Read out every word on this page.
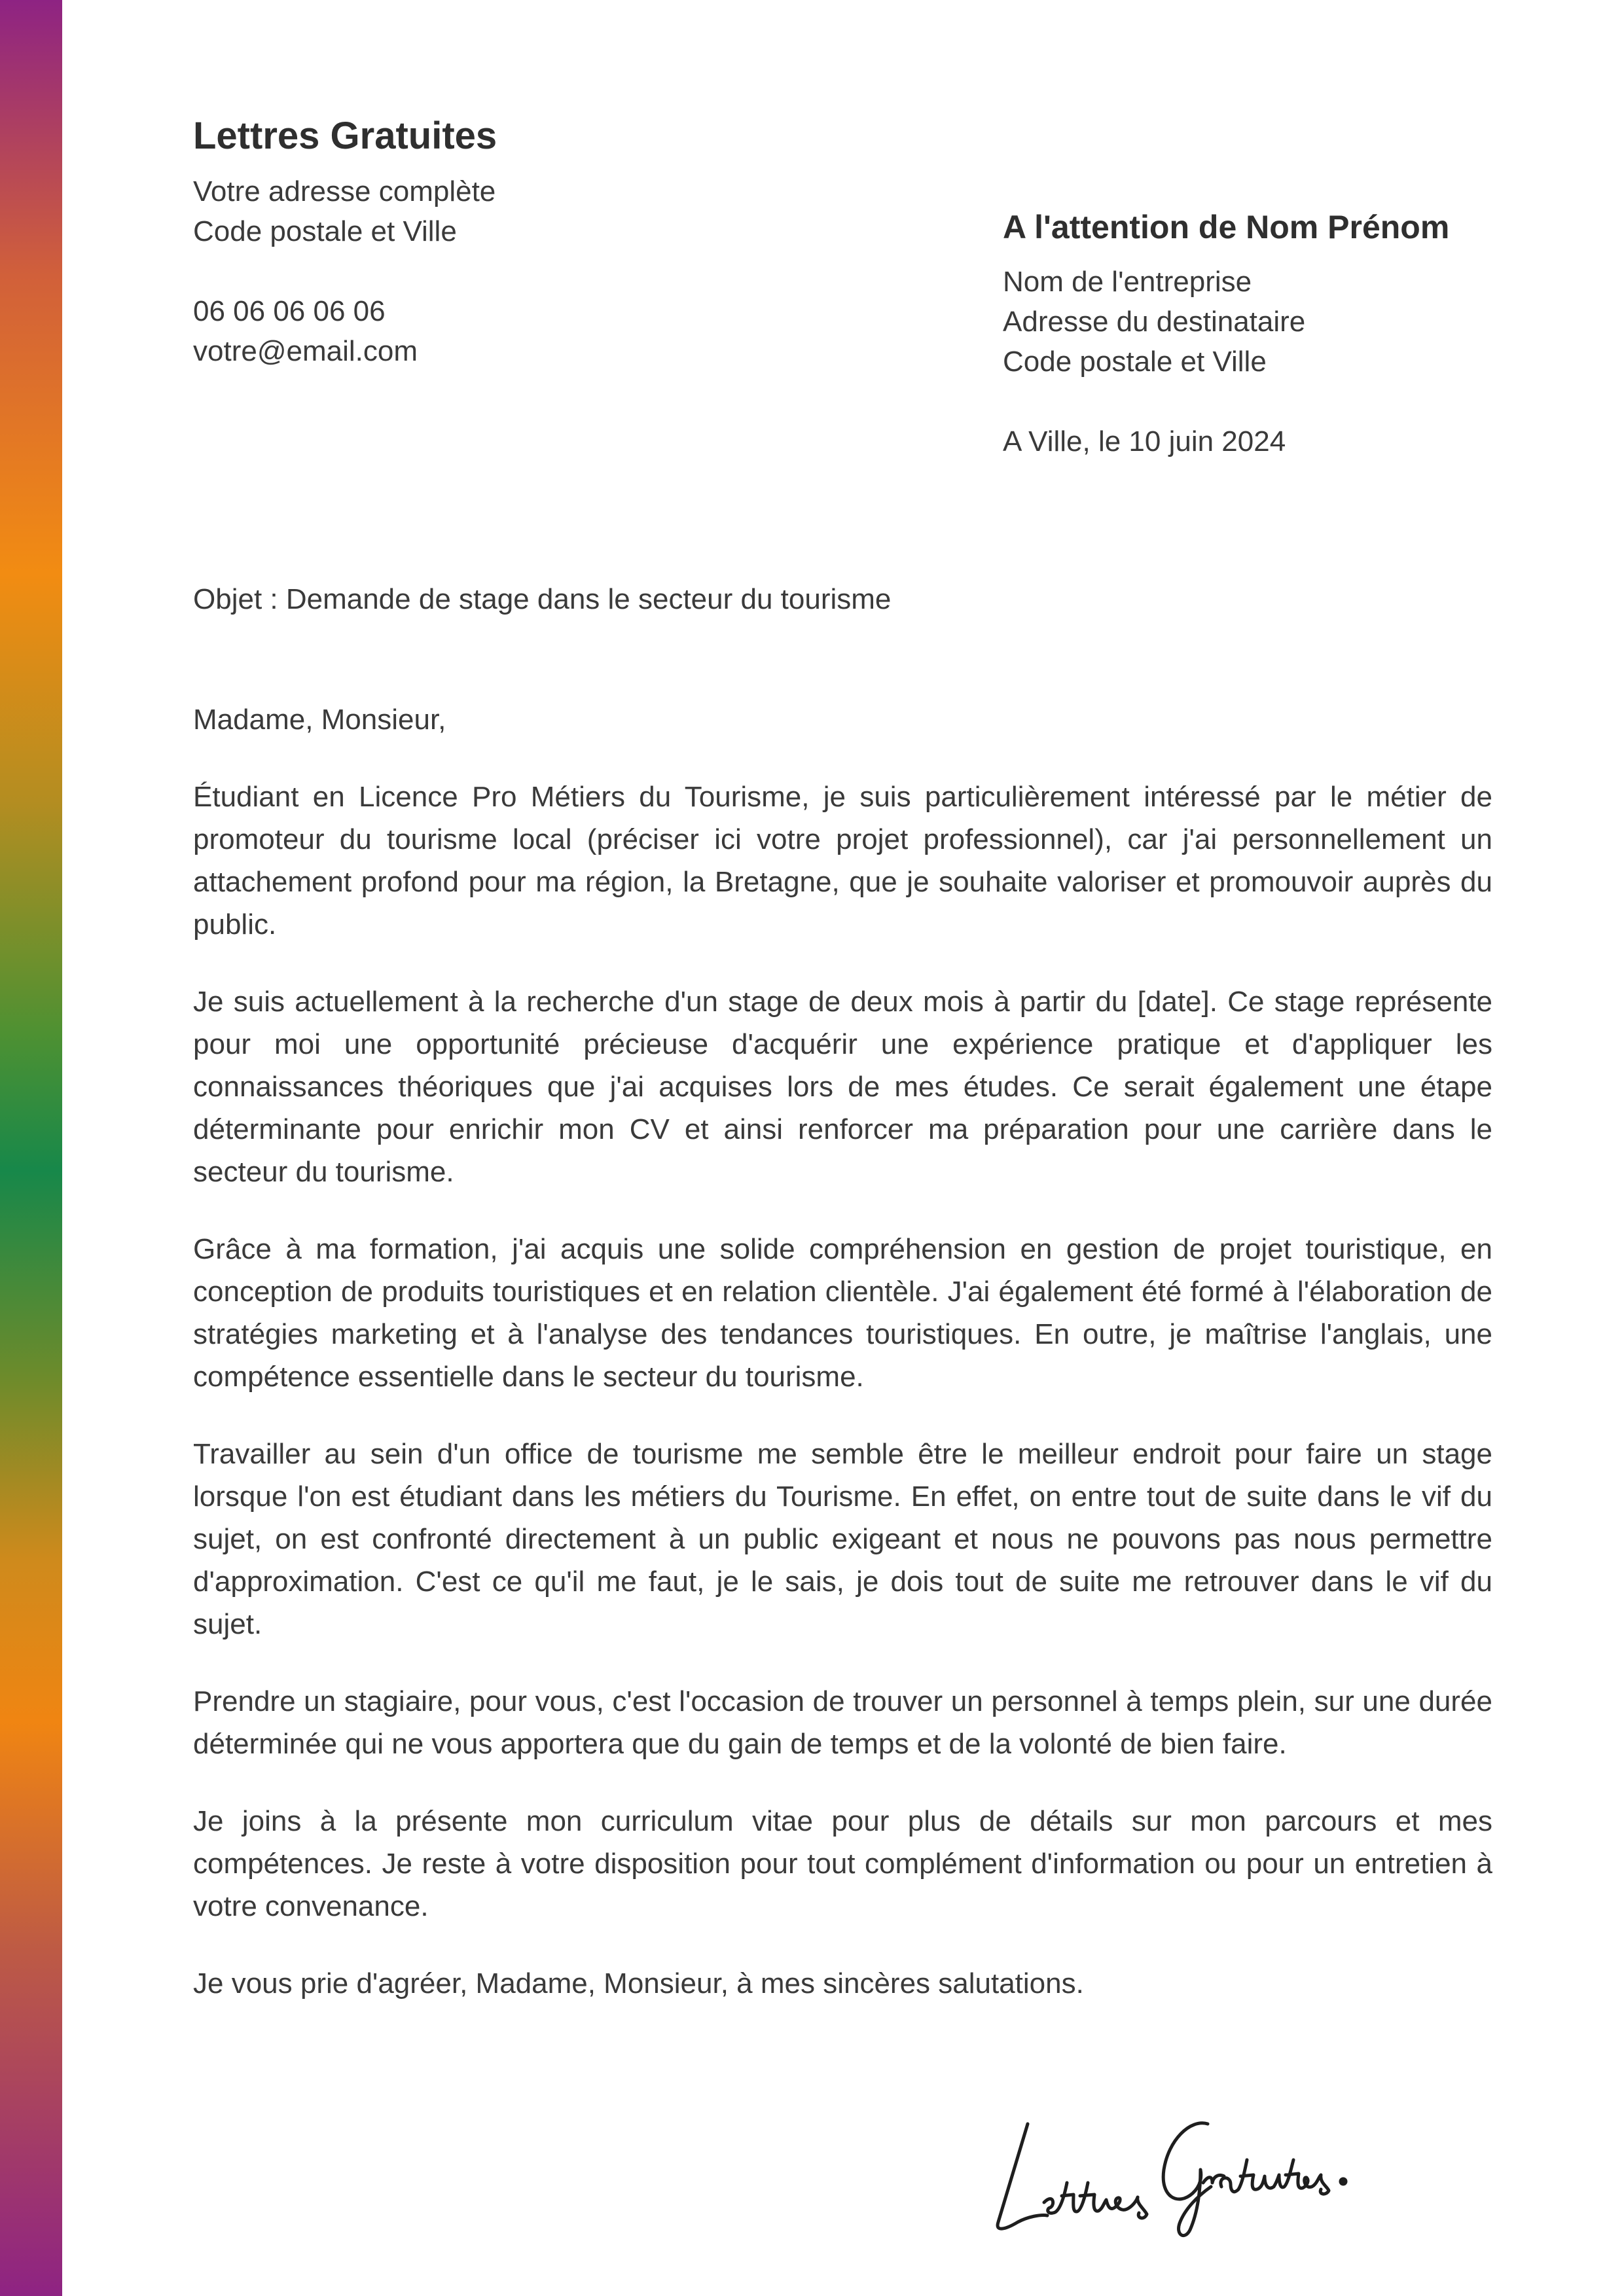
Lettres Gratuites
Votre adresse complète
Code postale et Ville
06 06 06 06 06
votre@email.com
A l'attention de Nom Prénom
Nom de l'entreprise
Adresse du destinataire
Code postale et Ville
A Ville, le 10 juin 2024
Objet : Demande de stage dans le secteur du tourisme

Madame, Monsieur,

Étudiant en Licence Pro Métiers du Tourisme, je suis particulièrement intéressé par le métier de promoteur du tourisme local (préciser ici votre projet professionnel), car j'ai personnellement un attachement profond pour ma région, la Bretagne, que je souhaite valoriser et promouvoir auprès du public.

Je suis actuellement à la recherche d'un stage de deux mois à partir du [date]. Ce stage représente pour moi une opportunité précieuse d'acquérir une expérience pratique et d'appliquer les connaissances théoriques que j'ai acquises lors de mes études. Ce serait également une étape déterminante pour enrichir mon CV et ainsi renforcer ma préparation pour une carrière dans le secteur du tourisme.

Grâce à ma formation, j'ai acquis une solide compréhension en gestion de projet touristique, en conception de produits touristiques et en relation clientèle. J'ai également été formé à l'élaboration de stratégies marketing et à l'analyse des tendances touristiques. En outre, je maîtrise l'anglais, une compétence essentielle dans le secteur du tourisme.

Travailler au sein d'un office de tourisme me semble être le meilleur endroit pour faire un stage lorsque l'on est étudiant dans les métiers du Tourisme. En effet, on entre tout de suite dans le vif du sujet, on est confronté directement à un public exigeant et nous ne pouvons pas nous permettre d'approximation. C'est ce qu'il me faut, je le sais, je dois tout de suite me retrouver dans le vif du sujet.

Prendre un stagiaire, pour vous, c'est l'occasion de trouver un personnel à temps plein, sur une durée déterminée qui ne vous apportera que du gain de temps et de la volonté de bien faire.

Je joins à la présente mon curriculum vitae pour plus de détails sur mon parcours et mes compétences. Je reste à votre disposition pour tout complément d'information ou pour un entretien à votre convenance.

Je vous prie d'agréer, Madame, Monsieur, à mes sincères salutations.
